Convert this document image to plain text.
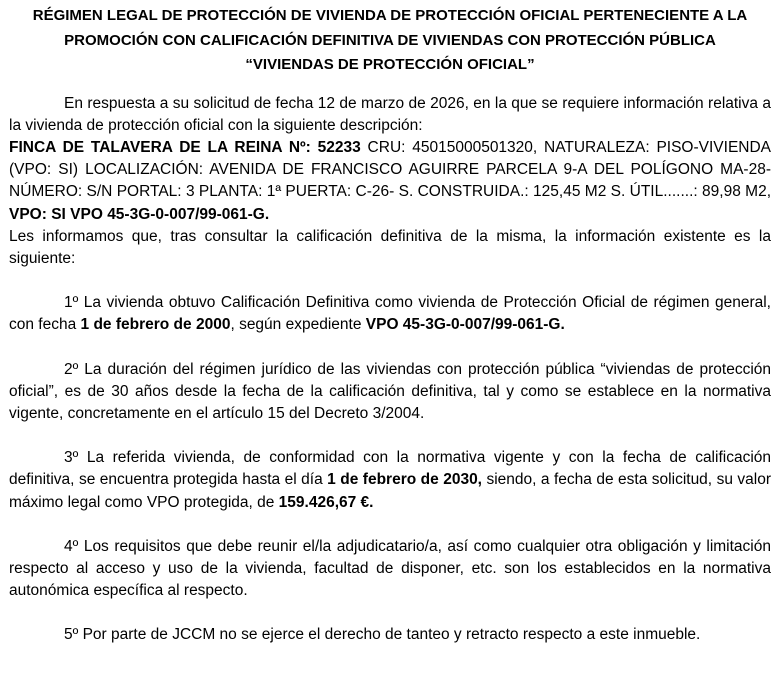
RÉGIMEN LEGAL DE PROTECCIÓN DE VIVIENDA DE PROTECCIÓN OFICIAL PERTENECIENTE A LA
PROMOCIÓN CON CALIFICACIÓN DEFINITIVA DE VIVIENDAS CON PROTECCIÓN PÚBLICA
“VIVIENDAS DE PROTECCIÓN OFICIAL”

En respuesta a su solicitud de fecha 12 de marzo de 2026, en la que se requiere información relativa a la vivienda de protección oficial con la siguiente descripción:

FINCA DE TALAVERA DE LA REINA Nº: 52233 CRU: 45015000501320, NATURALEZA: PISO-VIVIENDA (VPO: SI) LOCALIZACIÓN: AVENIDA DE FRANCISCO AGUIRRE PARCELA 9-A DEL POLÍGONO MA-28- NÚMERO: S/N PORTAL: 3 PLANTA: 1ª PUERTA: C-26- S. CONSTRUIDA.: 125,45 M2 S. ÚTIL.......: 89,98 M2, VPO: SI VPO 45-3G-0-007/99-061-G.

Les informamos que, tras consultar la calificación definitiva de la misma, la información existente es la siguiente:

1º La vivienda obtuvo Calificación Definitiva como vivienda de Protección Oficial de régimen general, con fecha 1 de febrero de 2000, según expediente VPO 45-3G-0-007/99-061-G.

2º La duración del régimen jurídico de las viviendas con protección pública “viviendas de protección oficial”, es de 30 años desde la fecha de la calificación definitiva, tal y como se establece en la normativa vigente, concretamente en el artículo 15 del Decreto 3/2004.

3º La referida vivienda, de conformidad con la normativa vigente y con la fecha de calificación definitiva, se encuentra protegida hasta el día 1 de febrero de 2030, siendo, a fecha de esta solicitud, su valor máximo legal como VPO protegida, de 159.426,67 €.

4º Los requisitos que debe reunir el/la adjudicatario/a, así como cualquier otra obligación y limitación respecto al acceso y uso de la vivienda, facultad de disponer, etc. son los establecidos en la normativa autonómica específica al respecto.

5º Por parte de JCCM no se ejerce el derecho de tanteo y retracto respecto a este inmueble.
